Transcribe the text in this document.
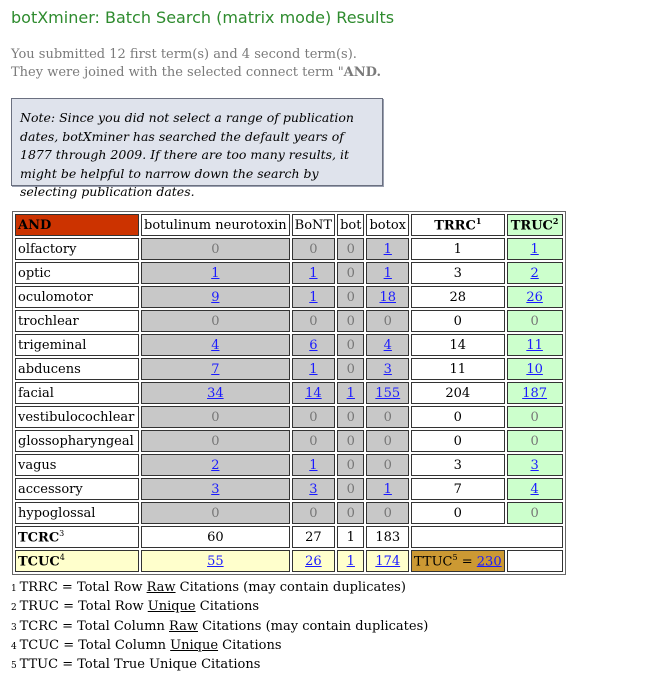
botXminer: Batch Search (matrix mode) Results
You submitted 12 first term(s) and 4 second term(s).
They were joined with the selected connect term "AND.
Note: Since you did not select a range of publication dates, botXminer has searched the default years of 1877 through 2009. If there are too many results, it might be helpful to narrow down the search by selecting publication dates.
AND	botulinum neurotoxin	BoNT	bot	botox	TRRC$^1$	TRUC$^2$
olfactory	0	0	0	1	1	1
optic	1	1	0	1	3	2
oculomotor	9	1	0	18	28	26
trochlear	0	0	0	0	0	0
trigeminal	4	6	0	4	14	11
abducens	7	1	0	3	11	10
facial	34	14	1	155	204	187
vestibulocochlear	0	0	0	0	0	0
glossopharyngeal	0	0	0	0	0	0
vagus	2	1	0	0	3	3
accessory	3	3	0	1	7	4
hypoglossal	0	0	0	0	0	0
TCRC$^3$	60	27	1	183		
TCUC$^4$	55	26	1	174	$TTUC^5 = 230$	
1 TRRC = Total Row Raw Citations (may contain duplicates)
2 TRUC = Total Row Unique Citations
3 TCRC = Total Column Raw Citations (may contain duplicates)
4 TCUC = Total Column Unique Citations
5 TTUC = Total True Unique Citations
